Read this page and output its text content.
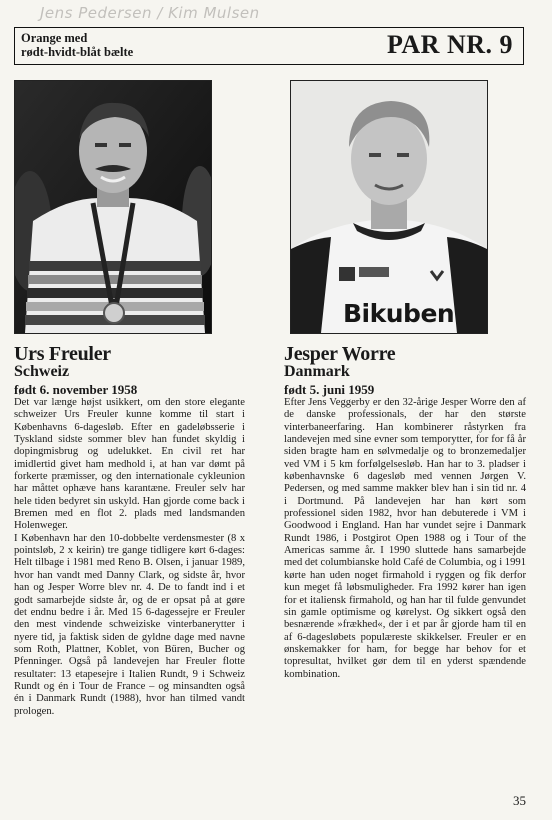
Jens Pedersen / Kim Mulsen
Orange med
rødt-hvidt-blåt bælte	PAR NR. 9
Bikuben
Urs Freuler
Schweiz
født 6. november 1958

Det var længe højst usikkert, om den store elegante schweizer Urs Freuler kunne komme til start i Københavns 6-dagesløb. Efter en gadeløbsserie i Tyskland sidste sommer blev han fundet skyldig i dopingmisbrug og udelukket. En civil ret har imidlertid givet ham medhold i, at han var dømt på forkerte præmisser, og den internationale cykleunion har måttet ophæve hans karantæne. Freuler selv har hele tiden bedyret sin uskyld. Han gjorde come back i Bremen med en flot 2. plads med landsmanden Holenweger.
I København har den 10-dobbelte verdensmester (8 x pointsløb, 2 x keirin) tre gange tidligere kørt 6-dages: Helt tilbage i 1981 med Reno B. Olsen, i januar 1989, hvor han vandt med Danny Clark, og sidste år, hvor han og Jesper Worre blev nr. 4. De to fandt ind i et godt samarbejde sidste år, og de er opsat på at gøre det endnu bedre i år. Med 15 6-dagessejre er Freuler den mest vindende schweiziske vinterbanerytter i nyere tid, ja faktisk siden de gyldne dage med navne som Roth, Plattner, Koblet, von Büren, Bucher og Pfenninger. Også på landevejen har Freuler flotte resultater: 13 etapesejre i Italien Rundt, 9 i Schweiz Rundt og én i Tour de France – og minsandten også én i Danmark Rundt (1988), hvor han tilmed vandt prologen.

Jesper Worre
Danmark
født 5. juni 1959

Efter Jens Veggerby er den 32-årige Jesper Worre den af de danske professionals, der har den største vinterbaneerfaring. Han kombinerer råstyrken fra landevejen med sine evner som temporytter, for for få år siden bragte ham en sølvmedalje og to bronzemedaljer ved VM i 5 km forfølgelsesløb. Han har to 3. pladser i københavnske 6 dagesløb med vennen Jørgen V. Pedersen, og med samme makker blev han i sin tid nr. 4 i Dortmund. På landevejen har han kørt som professionel siden 1982, hvor han debuterede i VM i Goodwood i England. Han har vundet sejre i Danmark Rundt 1986, i Postgirot Open 1988 og i Tour of the Americas samme år. I 1990 sluttede hans samarbejde med det columbianske hold Café de Columbia, og i 1991 kørte han uden noget firmahold i ryggen og fik derfor kun meget få løbsmuligheder. Fra 1992 kører han igen for et italiensk firmahold, og han har til fulde genvundet sin gamle optimisme og kørelyst. Og sikkert også den besnærende »frækhed«, der i et par år gjorde ham til en af 6-dagesløbets populæreste skikkelser. Freuler er en ønskemakker for ham, for begge har behov for et topresultat, hvilket gør dem til en yderst spændende kombination.

35
